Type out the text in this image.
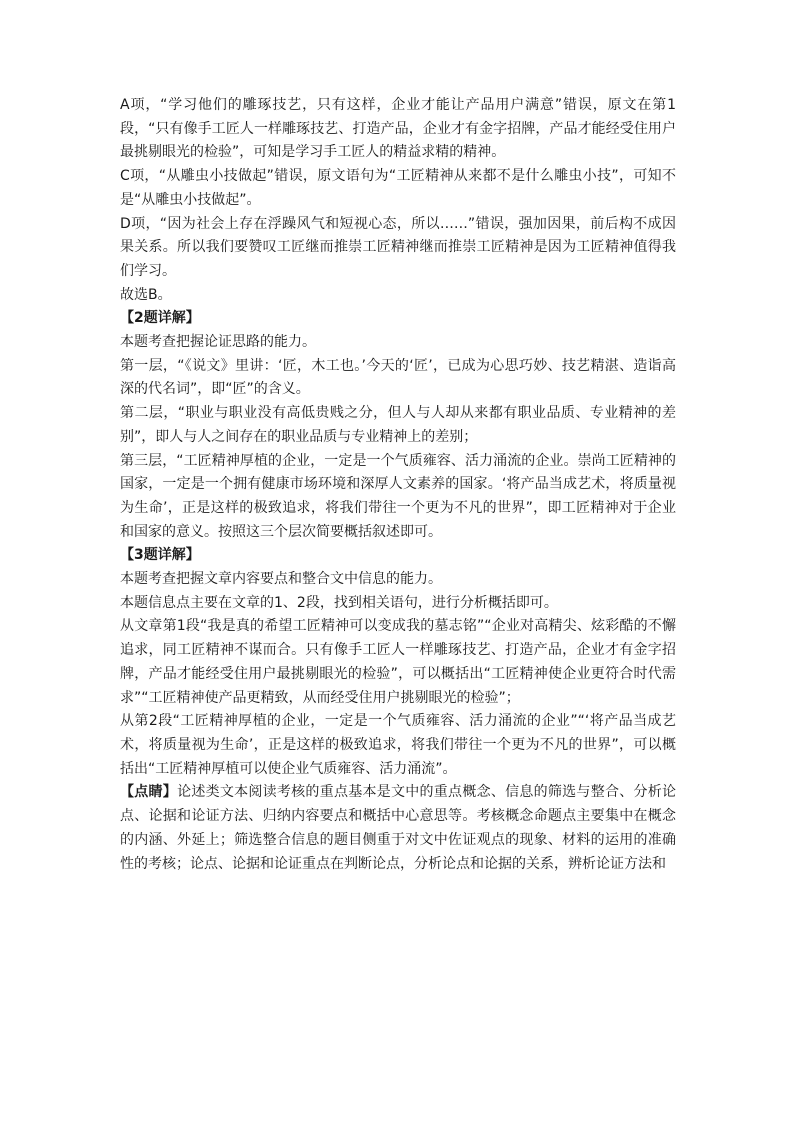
A项，“学习他们的雕琢技艺，只有这样，企业才能让产品用户满意”错误，原文在第1段，“只有像手工匠人一样雕琢技艺、打造产品，企业才有金字招牌，产品才能经受住用户最挑剔眼光的检验”，可知是学习手工匠人的精益求精的精神。

C项，“从雕虫小技做起”错误，原文语句为“工匠精神从来都不是什么雕虫小技”，可知不是“从雕虫小技做起”。

D项，“因为社会上存在浮躁风气和短视心态，所以……”错误，强加因果，前后构不成因果关系。所以我们要赞叹工匠继而推崇工匠精神继而推崇工匠精神是因为工匠精神值得我们学习。

故选B。

【2题详解】

本题考查把握论证思路的能力。

第一层，“《说文》里讲：‘匠，木工也。’今天的‘匠’，已成为心思巧妙、技艺精湛、造诣高深的代名词”，即“匠”的含义。

第二层，“职业与职业没有高低贵贱之分，但人与人却从来都有职业品质、专业精神的差别”，即人与人之间存在的职业品质与专业精神上的差别；

第三层，“工匠精神厚植的企业，一定是一个气质雍容、活力涌流的企业。崇尚工匠精神的国家，一定是一个拥有健康市场环境和深厚人文素养的国家。‘将产品当成艺术，将质量视为生命’，正是这样的极致追求，将我们带往一个更为不凡的世界”，即工匠精神对于企业和国家的意义。按照这三个层次简要概括叙述即可。

【3题详解】

本题考查把握文章内容要点和整合文中信息的能力。

本题信息点主要在文章的1、2段，找到相关语句，进行分析概括即可。

从文章第1段“我是真的希望工匠精神可以变成我的墓志铭”“企业对高精尖、炫彩酷的不懈追求，同工匠精神不谋而合。只有像手工匠人一样雕琢技艺、打造产品，企业才有金字招牌，产品才能经受住用户最挑剔眼光的检验”，可以概括出“工匠精神使企业更符合时代需求”“工匠精神使产品更精致，从而经受住用户挑剔眼光的检验”；

从第2段“工匠精神厚植的企业，一定是一个气质雍容、活力涌流的企业”“‘将产品当成艺术，将质量视为生命’，正是这样的极致追求，将我们带往一个更为不凡的世界”，可以概括出“工匠精神厚植可以使企业气质雍容、活力涌流”。

【点睛】论述类文本阅读考核的重点基本是文中的重点概念、信息的筛选与整合、分析论点、论据和论证方法、归纳内容要点和概括中心意思等。考核概念命题点主要集中在概念的内涵、外延上；筛选整合信息的题目侧重于对文中佐证观点的现象、材料的运用的准确性的考核；论点、论据和论证重点在判断论点，分析论点和论据的关系，辨析论证方法和
